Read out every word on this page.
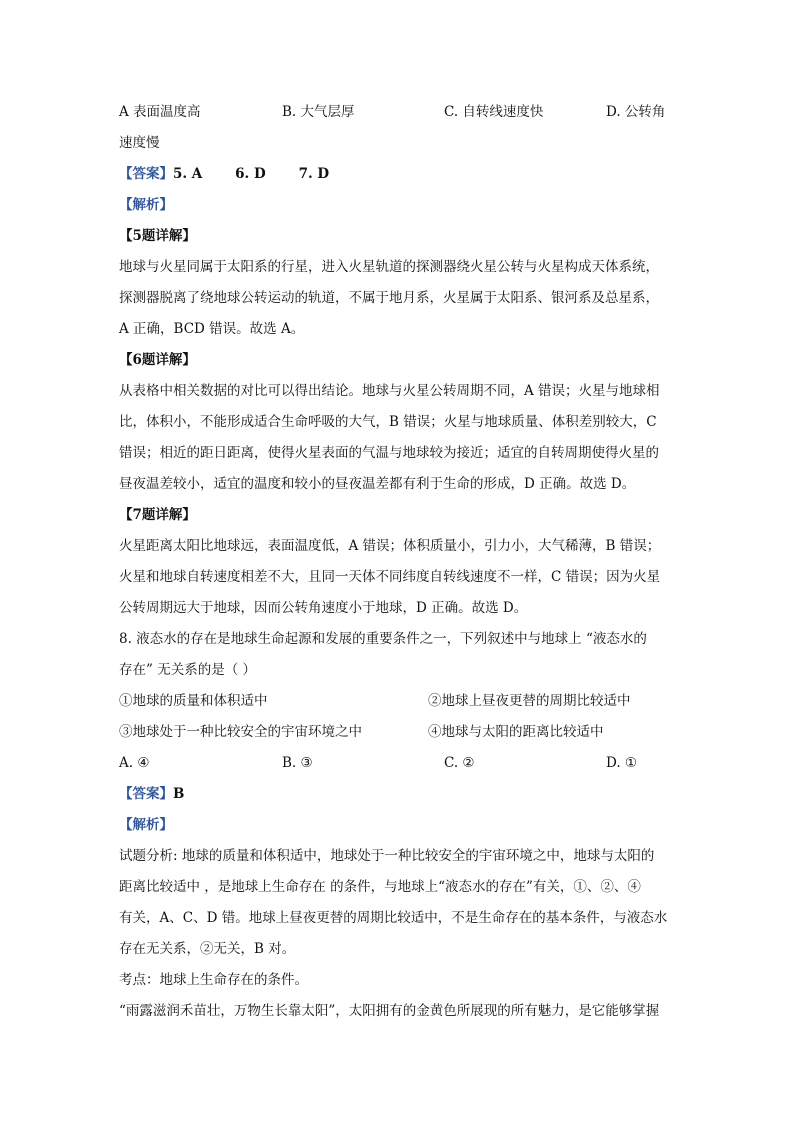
A 表面温度高	B. 大气层厚	C. 自转线速度快	D. 公转角
速度慢
【答案】5. A       6. D       7. D
【解析】
【5题详解】
地球与火星同属于太阳系的行星，进入火星轨道的探测器绕火星公转与火星构成天体系统，
探测器脱离了绕地球公转运动的轨道，不属于地月系，火星属于太阳系、银河系及总星系，
A 正确，BCD 错误。故选 A。
【6题详解】
从表格中相关数据的对比可以得出结论。地球与火星公转周期不同，A 错误；火星与地球相
比，体积小，不能形成适合生命呼吸的大气，B 错误；火星与地球质量、体积差别较大，C
错误；相近的距日距离，使得火星表面的气温与地球较为接近；适宜的自转周期使得火星的
昼夜温差较小，适宜的温度和较小的昼夜温差都有利于生命的形成，D 正确。故选 D。
【7题详解】
火星距离太阳比地球远，表面温度低，A 错误；体积质量小，引力小，大气稀薄，B 错误；
火星和地球自转速度相差不大，且同一天体不同纬度自转线速度不一样，C 错误；因为火星
公转周期远大于地球，因而公转角速度小于地球，D 正确。故选 D。
8. 液态水的存在是地球生命起源和发展的重要条件之一，下列叙述中与地球上 “液态水的
存在” 无关系的是（ ）
①地球的质量和体积适中	②地球上昼夜更替的周期比较适中
③地球处于一种比较安全的宇宙环境之中	④地球与太阳的距离比较适中
A. ④	B. ③	C. ②	D. ①
【答案】B
【解析】
试题分析: 地球的质量和体积适中，地球处于一种比较安全的宇宙环境之中，地球与太阳的
距离比较适中 ，是地球上生命存在 的条件，与地球上“液态水的存在”有关，①、②、④
有关，A、C、D 错。地球上昼夜更替的周期比较适中，不是生命存在的基本条件，与液态水
存在无关系，②无关，B 对。
考点：地球上生命存在的条件。
“雨露滋润禾苗壮，万物生长靠太阳”，太阳拥有的金黄色所展现的所有魅力，是它能够掌握
